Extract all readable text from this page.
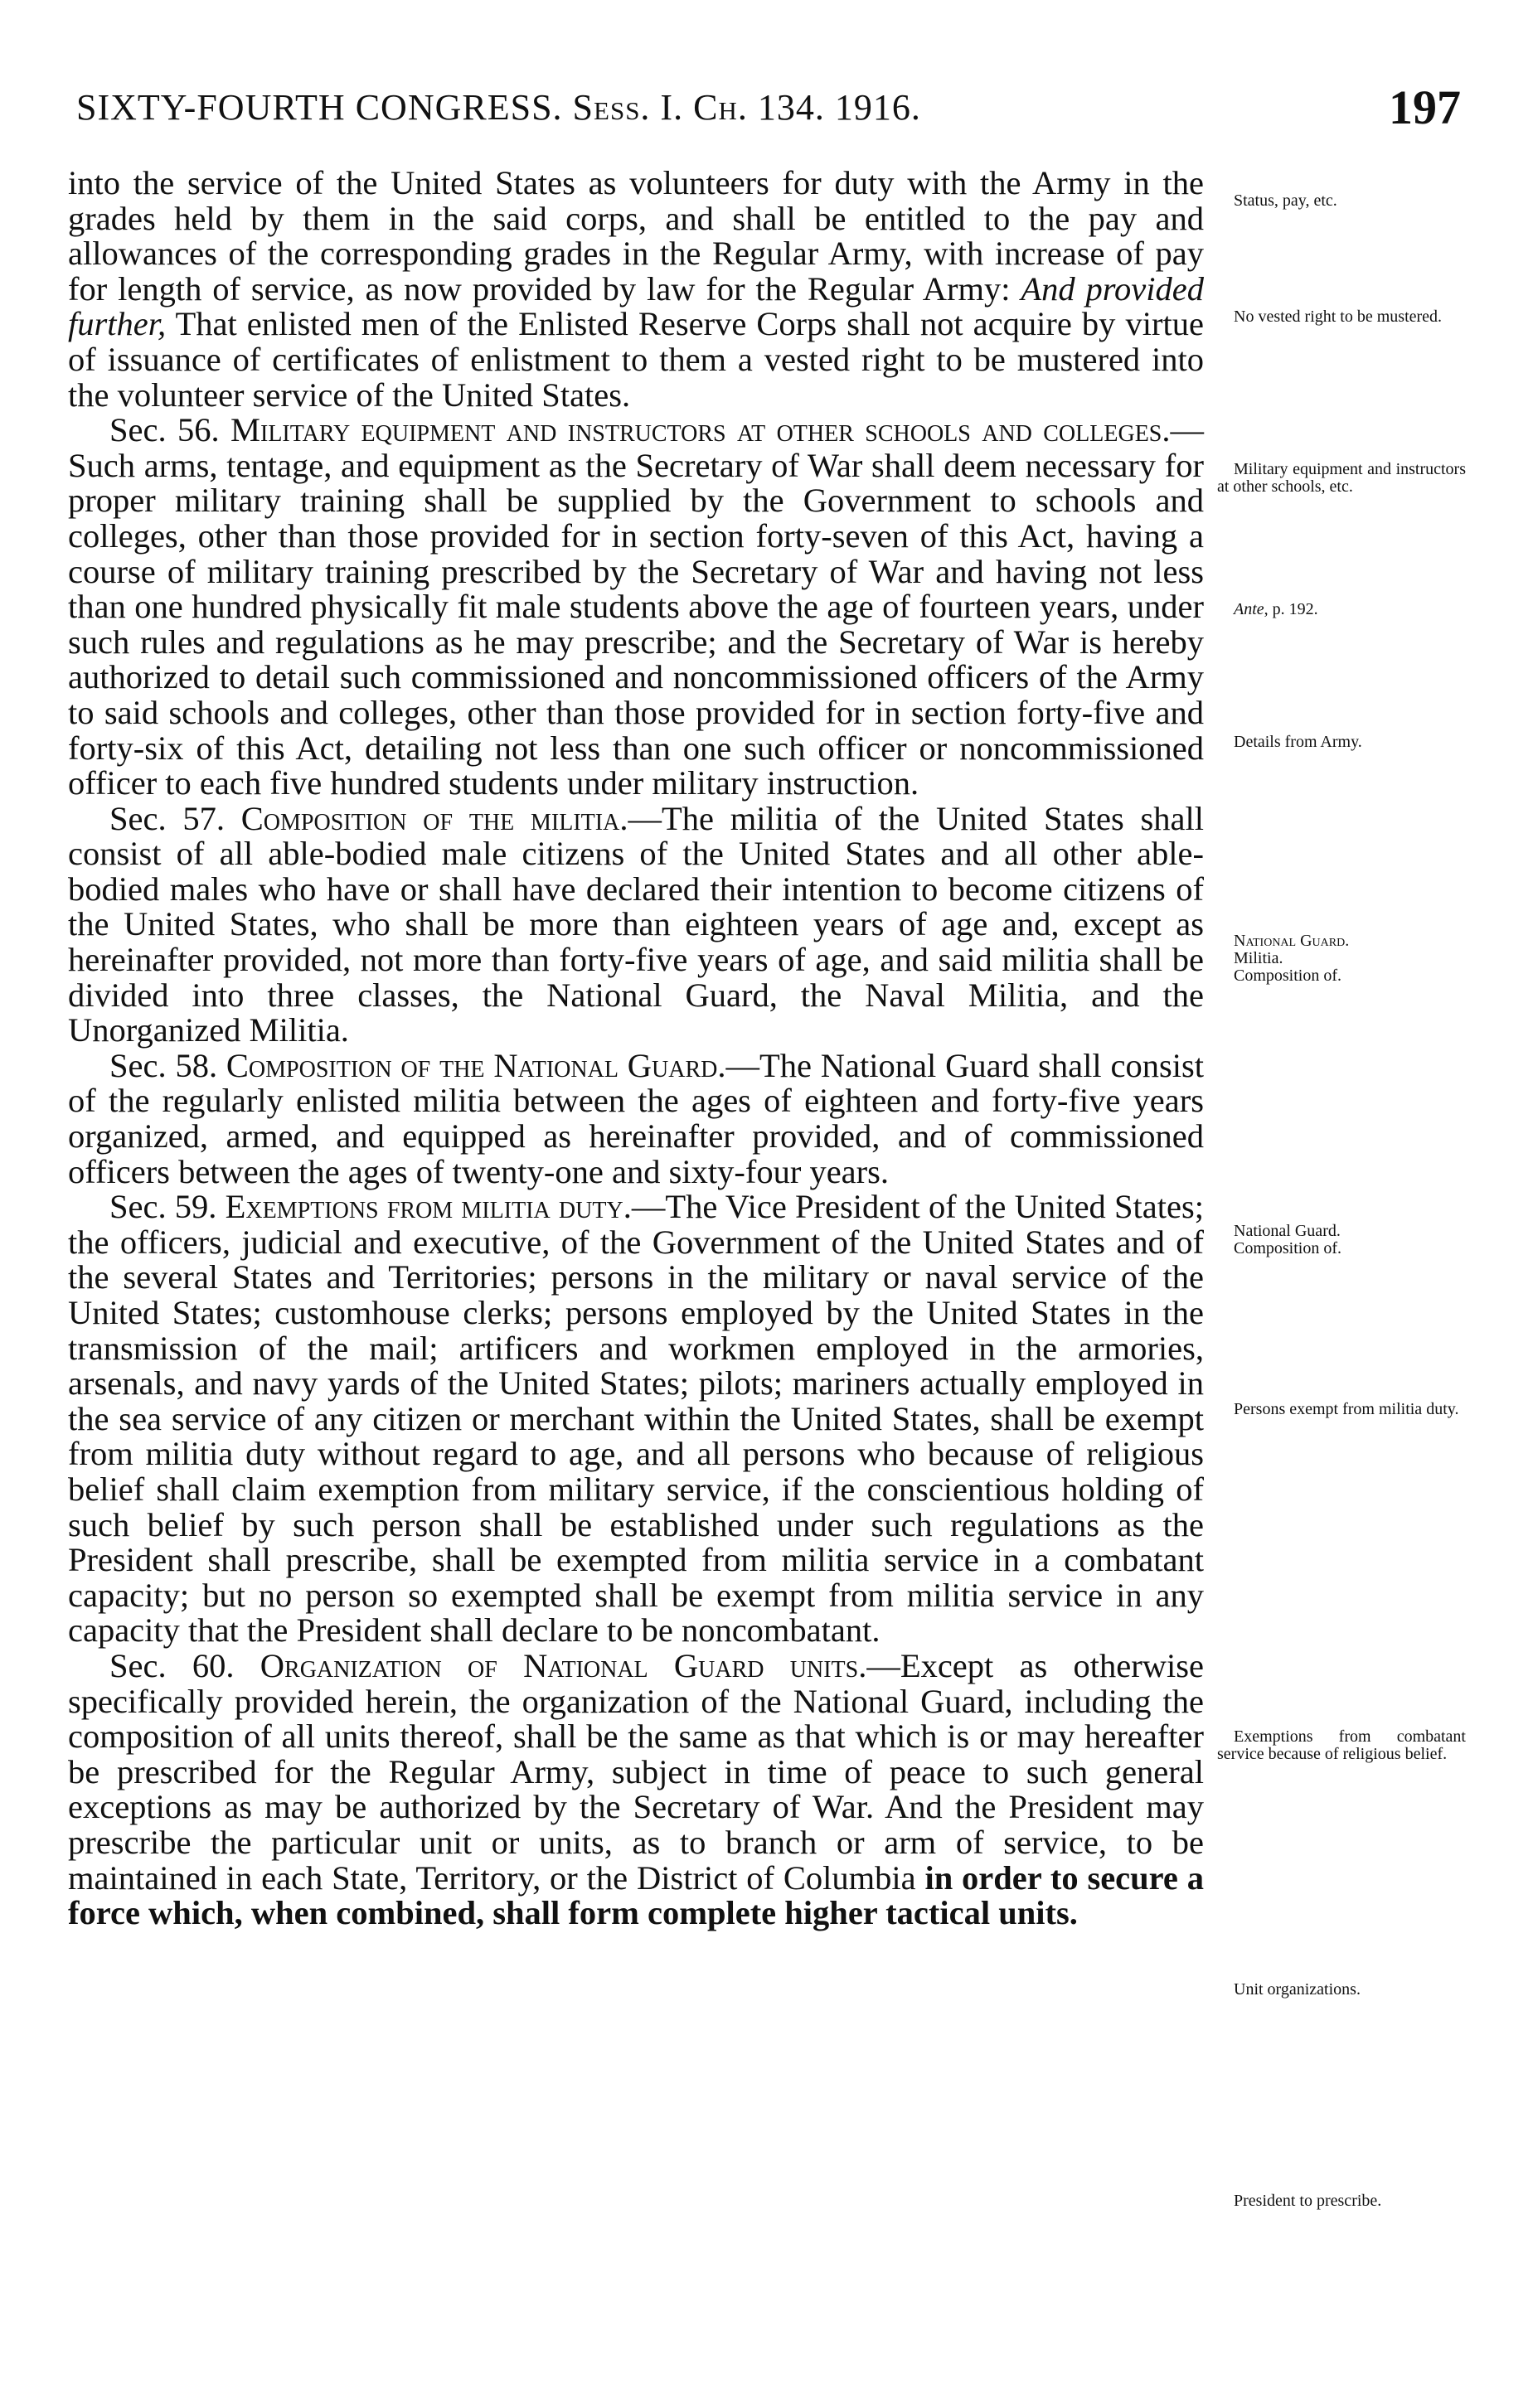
SIXTY-FOURTH CONGRESS. Sess. I. Ch. 134. 1916.	197

into the service of the United States as volunteers for duty with the Army in the grades held by them in the said corps, and shall be entitled to the pay and allowances of the corresponding grades in the Regular Army, with increase of pay for length of service, as now provided by law for the Regular Army: And provided further, That enlisted men of the Enlisted Reserve Corps shall not acquire by virtue of issuance of certificates of enlistment to them a vested right to be mustered into the volunteer service of the United States.

Sec. 56. Military equipment and instructors at other schools and colleges.—Such arms, tentage, and equipment as the Secretary of War shall deem necessary for proper military training shall be supplied by the Government to schools and colleges, other than those provided for in section forty-seven of this Act, having a course of military training prescribed by the Secretary of War and having not less than one hundred physically fit male students above the age of fourteen years, under such rules and regulations as he may prescribe; and the Secretary of War is hereby authorized to detail such commissioned and noncommissioned officers of the Army to said schools and colleges, other than those provided for in section forty-five and forty-six of this Act, detailing not less than one such officer or noncommissioned officer to each five hundred students under military instruction.

Sec. 57. Composition of the militia.—The militia of the United States shall consist of all able-bodied male citizens of the United States and all other able-bodied males who have or shall have declared their intention to become citizens of the United States, who shall be more than eighteen years of age and, except as hereinafter provided, not more than forty-five years of age, and said militia shall be divided into three classes, the National Guard, the Naval Militia, and the Unorganized Militia.

Sec. 58. Composition of the National Guard.—The National Guard shall consist of the regularly enlisted militia between the ages of eighteen and forty-five years organized, armed, and equipped as hereinafter provided, and of commissioned officers between the ages of twenty-one and sixty-four years.

Sec. 59. Exemptions from militia duty.—The Vice President of the United States; the officers, judicial and executive, of the Government of the United States and of the several States and Territories; persons in the military or naval service of the United States; customhouse clerks; persons employed by the United States in the transmission of the mail; artificers and workmen employed in the armories, arsenals, and navy yards of the United States; pilots; mariners actually employed in the sea service of any citizen or merchant within the United States, shall be exempt from militia duty without regard to age, and all persons who because of religious belief shall claim exemption from military service, if the conscientious holding of such belief by such person shall be established under such regulations as the President shall prescribe, shall be exempted from militia service in a combatant capacity; but no person so exempted shall be exempt from militia service in any capacity that the President shall declare to be noncombatant.

Sec. 60. Organization of National Guard units.—Except as otherwise specifically provided herein, the organization of the National Guard, including the composition of all units thereof, shall be the same as that which is or may hereafter be prescribed for the Regular Army, subject in time of peace to such general exceptions as may be authorized by the Secretary of War. And the President may prescribe the particular unit or units, as to branch or arm of service, to be maintained in each State, Territory, or the District of Columbia in order to secure a force which, when combined, shall form complete higher tactical units.

Status, pay, etc.
No vested right to be mustered.
Military equipment and instructors at other schools, etc.
Ante, p. 192.
Details from Army.
National Guard.
Militia.
Composition of.
National Guard.
Composition of.
Persons exempt from militia duty.
Exemptions from combatant service because of religious belief.
Unit organizations.
President to prescribe.
